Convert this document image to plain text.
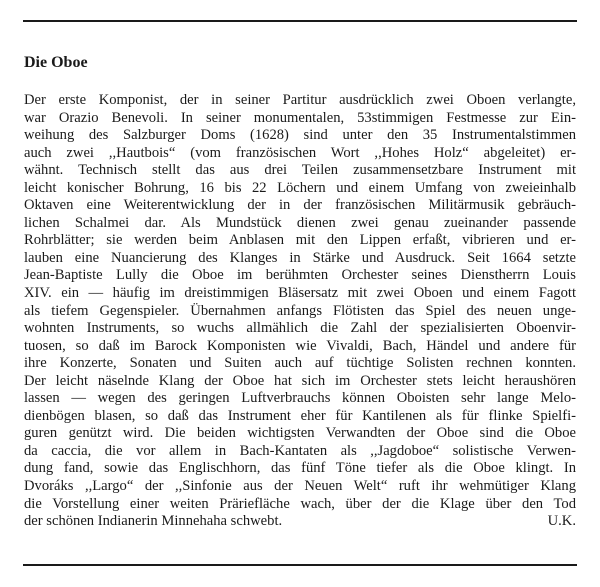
Die Oboe
Der erste Komponist, der in seiner Partitur ausdrücklich zwei Oboen verlangte,
war Orazio Benevoli. In seiner monumentalen, 53stimmigen Festmesse zur Ein-
weihung des Salzburger Doms (1628) sind unter den 35 Instrumentalstimmen
auch zwei ,,Hautbois“ (vom französischen Wort ,,Hohes Holz“ abgeleitet) er-
wähnt. Technisch stellt das aus drei Teilen zusammensetzbare Instrument mit
leicht konischer Bohrung, 16 bis 22 Löchern und einem Umfang von zweieinhalb
Oktaven eine Weiterentwicklung der in der französischen Militärmusik gebräuch-
lichen Schalmei dar. Als Mundstück dienen zwei genau zueinander passende
Rohrblätter; sie werden beim Anblasen mit den Lippen erfaßt, vibrieren und er-
lauben eine Nuancierung des Klanges in Stärke und Ausdruck. Seit 1664 setzte
Jean-Baptiste Lully die Oboe im berühmten Orchester seines Dienstherrn Louis
XIV. ein — häufig im dreistimmigen Bläsersatz mit zwei Oboen und einem Fagott
als tiefem Gegenspieler. Übernahmen anfangs Flötisten das Spiel des neuen unge-
wohnten Instruments, so wuchs allmählich die Zahl der spezialisierten Oboenvir-
tuosen, so daß im Barock Komponisten wie Vivaldi, Bach, Händel und andere für
ihre Konzerte, Sonaten und Suiten auch auf tüchtige Solisten rechnen konnten.
Der leicht näselnde Klang der Oboe hat sich im Orchester stets leicht heraushören
lassen — wegen des geringen Luftverbrauchs können Oboisten sehr lange Melo-
dienbögen blasen, so daß das Instrument eher für Kantilenen als für flinke Spielfi-
guren genützt wird. Die beiden wichtigsten Verwandten der Oboe sind die Oboe
da caccia, die vor allem in Bach-Kantaten als ,,Jagdoboe“ solistische Verwen-
dung fand, sowie das Englischhorn, das fünf Töne tiefer als die Oboe klingt. In
Dvoráks ,,Largo“ der ,,Sinfonie aus der Neuen Welt“ ruft ihr wehmütiger Klang
die Vorstellung einer weiten Präriefläche wach, über der die Klage über den Tod
der schönen Indianerin Minnehaha schwebt.	U.K.
